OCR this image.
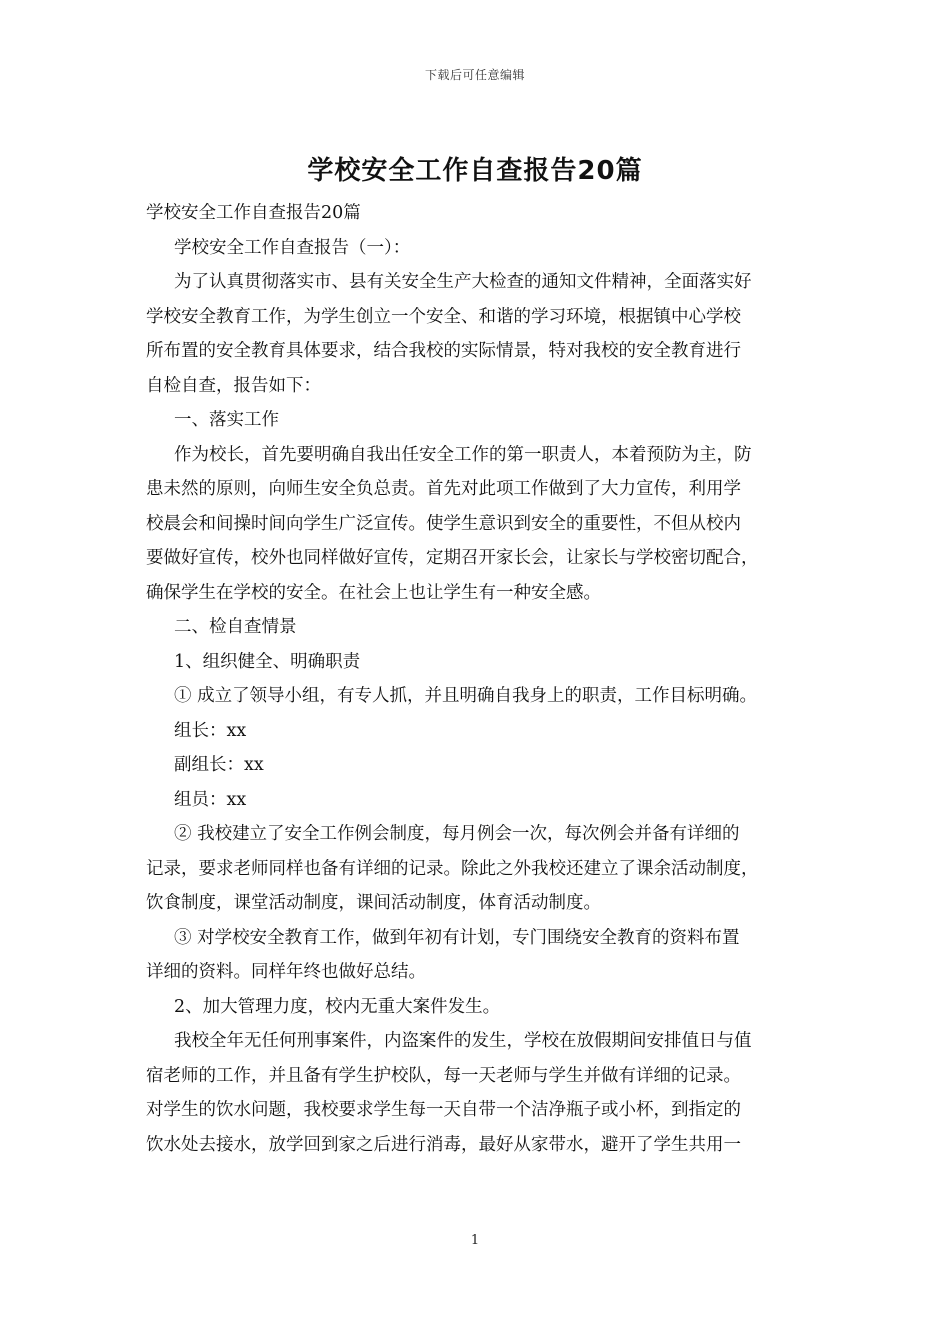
下载后可任意编辑
学校安全工作自查报告20篇
学校安全工作自查报告20篇
学校安全工作自查报告（一）：
为了认真贯彻落实市、县有关安全生产大检查的通知文件精神，全面落实好
学校安全教育工作，为学生创立一个安全、和谐的学习环境，根据镇中心学校
所布置的安全教育具体要求，结合我校的实际情景，特对我校的安全教育进行
自检自查，报告如下：
一、落实工作
作为校长，首先要明确自我出任安全工作的第一职责人，本着预防为主，防
患未然的原则，向师生安全负总责。首先对此项工作做到了大力宣传，利用学
校晨会和间操时间向学生广泛宣传。使学生意识到安全的重要性，不但从校内
要做好宣传，校外也同样做好宣传，定期召开家长会，让家长与学校密切配合，
确保学生在学校的安全。在社会上也让学生有一种安全感。
二、检自查情景
1、组织健全、明确职责
① 成立了领导小组，有专人抓，并且明确自我身上的职责，工作目标明确。
组长：xx
副组长：xx
组员：xx
② 我校建立了安全工作例会制度，每月例会一次，每次例会并备有详细的
记录，要求老师同样也备有详细的记录。除此之外我校还建立了课余活动制度，
饮食制度，课堂活动制度，课间活动制度，体育活动制度。
③ 对学校安全教育工作，做到年初有计划，专门围绕安全教育的资料布置
详细的资料。同样年终也做好总结。
2、加大管理力度，校内无重大案件发生。
我校全年无任何刑事案件，内盗案件的发生，学校在放假期间安排值日与值
宿老师的工作，并且备有学生护校队，每一天老师与学生并做有详细的记录。
对学生的饮水问题，我校要求学生每一天自带一个洁净瓶子或小杯，到指定的
饮水处去接水，放学回到家之后进行消毒，最好从家带水，避开了学生共用一
1
